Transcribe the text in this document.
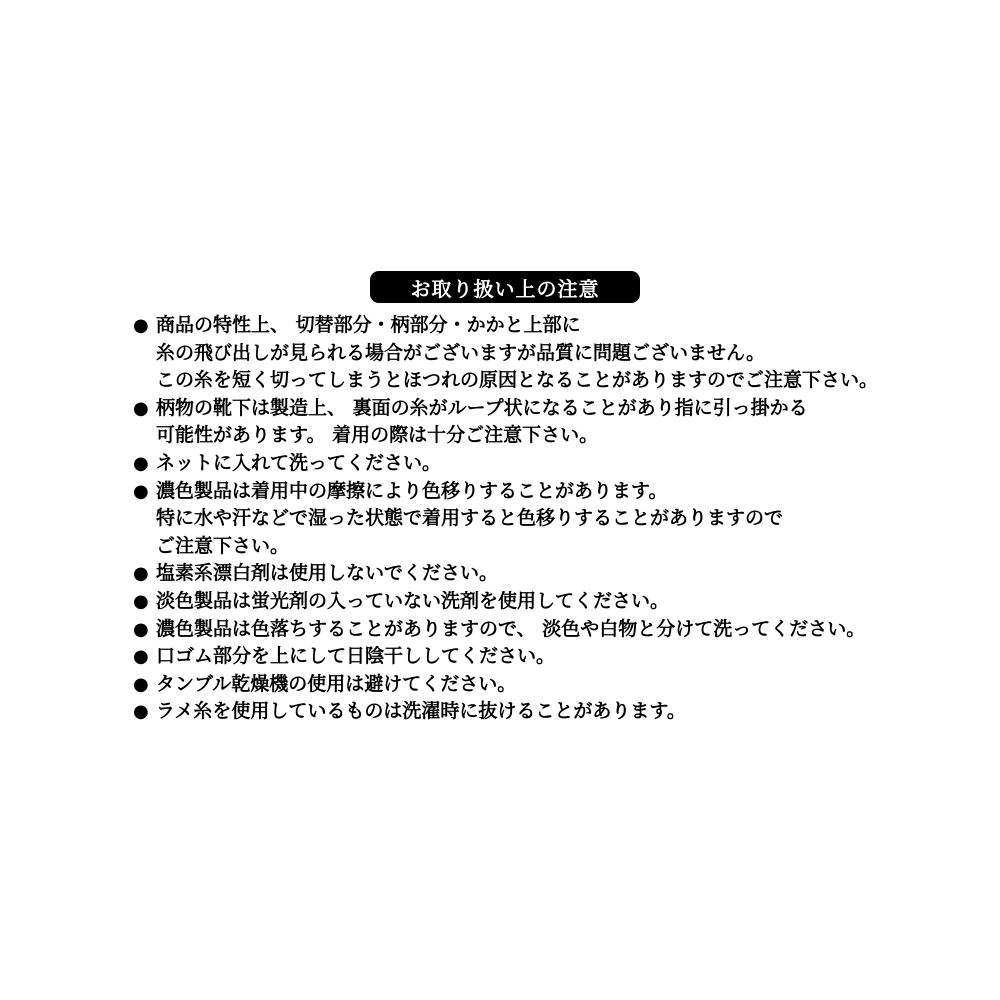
お取り扱い上の注意
● 商品の特性上、 切替部分・柄部分・かかと上部に
糸の飛び出しが見られる場合がございますが品質に問題ございません。
この糸を短く切ってしまうとほつれの原因となることがありますのでご注意下さい。
● 柄物の靴下は製造上、 裏面の糸がループ状になることがあり指に引っ掛かる
可能性があります。 着用の際は十分ご注意下さい。
● ネットに入れて洗ってください。
● 濃色製品は着用中の摩擦により色移りすることがあります。
特に水や汗などで湿った状態で着用すると色移りすることがありますので
ご注意下さい。
● 塩素系漂白剤は使用しないでください。
● 淡色製品は蛍光剤の入っていない洗剤を使用してください。
● 濃色製品は色落ちすることがありますので、 淡色や白物と分けて洗ってください。
● 口ゴム部分を上にして日陰干ししてください。
● タンブル乾燥機の使用は避けてください。
● ラメ糸を使用しているものは洗濯時に抜けることがあります。
